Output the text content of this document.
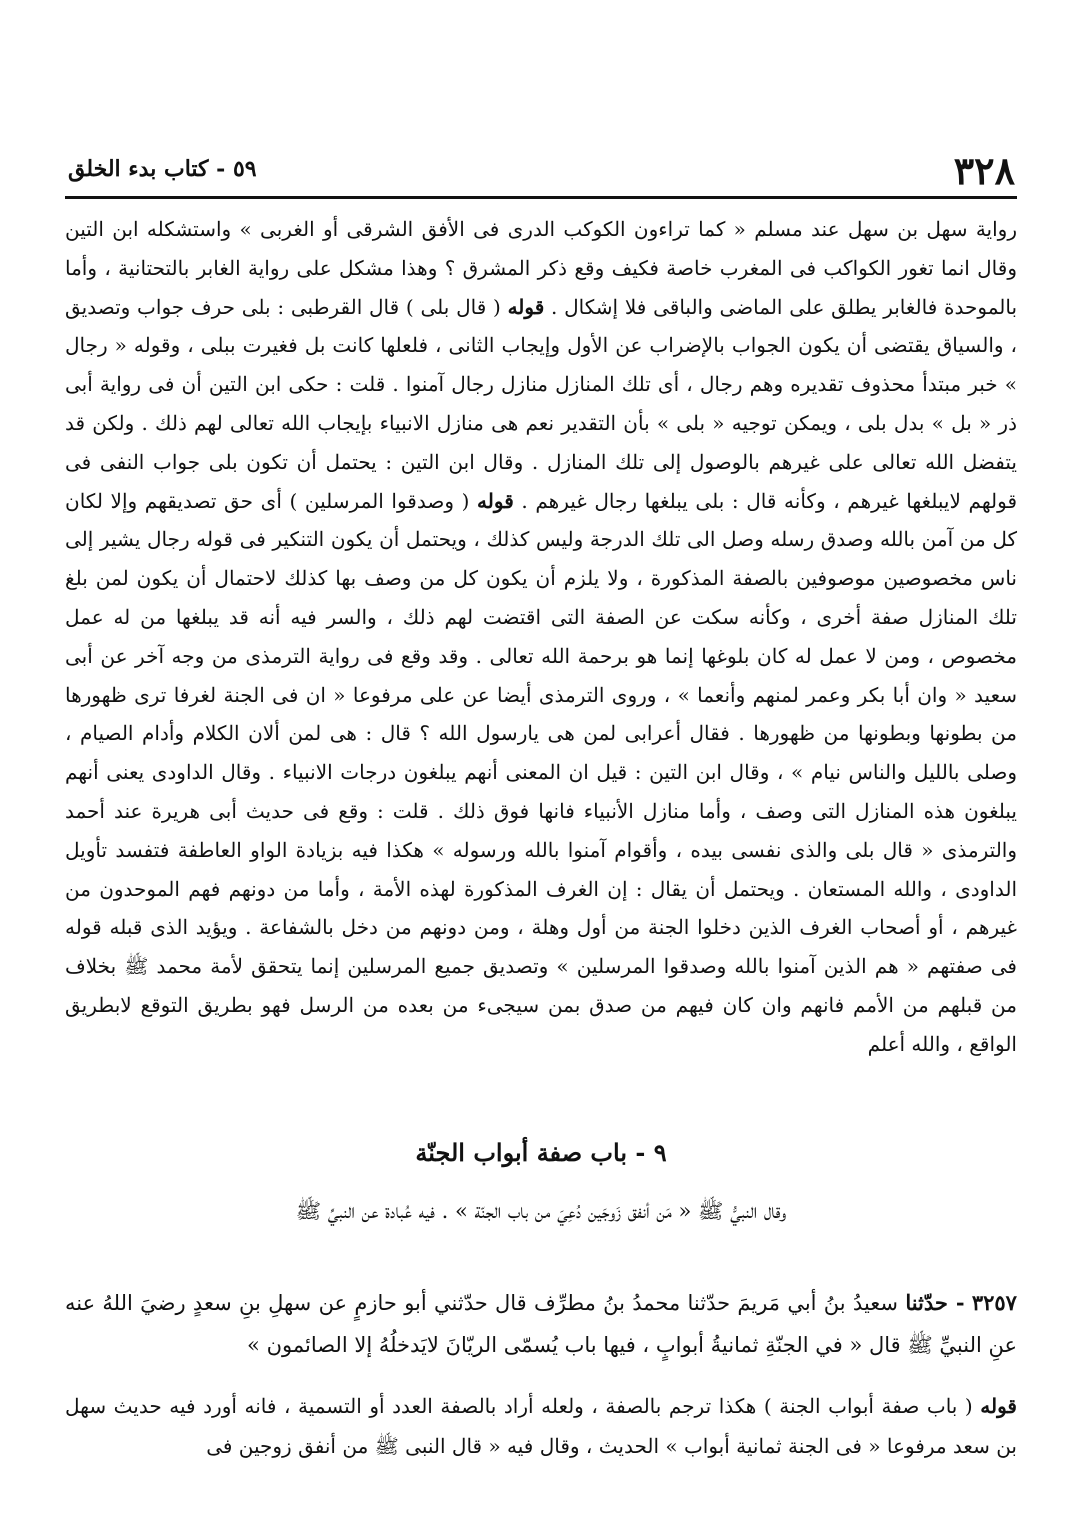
٣٢٨
٥٩ - كتاب بدء الخلق

رواية سهل بن سهل عند مسلم « كما تراءون الكوكب الدرى فى الأفق الشرقى أو الغربى » واستشكله ابن التين وقال انما تغور الكواكب فى المغرب خاصة فكيف وقع ذكر المشرق ؟ وهذا مشكل على رواية الغابر بالتحتانية ، وأما بالموحدة فالغابر يطلق على الماضى والباقى فلا إشكال . قوله ( قال بلى ) قال القرطبى : بلى حرف جواب وتصديق ، والسياق يقتضى أن يكون الجواب بالإضراب عن الأول وإيجاب الثانى ، فلعلها كانت بل فغيرت ببلى ، وقوله « رجال » خبر مبتدأ محذوف تقديره وهم رجال ، أى تلك المنازل منازل رجال آمنوا . قلت : حكى ابن التين أن فى رواية أبى ذر « بل » بدل بلى ، ويمكن توجيه « بلى » بأن التقدير نعم هى منازل الانبياء بإيجاب الله تعالى لهم ذلك . ولكن قد يتفضل الله تعالى على غيرهم بالوصول إلى تلك المنازل . وقال ابن التين : يحتمل أن تكون بلى جواب النفى فى قولهم لايبلغها غيرهم ، وكأنه قال : بلى يبلغها رجال غيرهم . قوله ( وصدقوا المرسلين ) أى حق تصديقهم وإلا لكان كل من آمن بالله وصدق رسله وصل الى تلك الدرجة وليس كذلك ، ويحتمل أن يكون التنكير فى قوله رجال يشير إلى ناس مخصوصين موصوفين بالصفة المذكورة ، ولا يلزم أن يكون كل من وصف بها كذلك لاحتمال أن يكون لمن بلغ تلك المنازل صفة أخرى ، وكأنه سكت عن الصفة التى اقتضت لهم ذلك ، والسر فيه أنه قد يبلغها من له عمل مخصوص ، ومن لا عمل له كان بلوغها إنما هو برحمة الله تعالى . وقد وقع فى رواية الترمذى من وجه آخر عن أبى سعيد « وان أبا بكر وعمر لمنهم وأنعما » ، وروى الترمذى أيضا عن على مرفوعا « ان فى الجنة لغرفا ترى ظهورها من بطونها وبطونها من ظهورها . فقال أعرابى لمن هى يارسول الله ؟ قال : هى لمن ألان الكلام وأدام الصيام ، وصلى بالليل والناس نيام » ، وقال ابن التين : قيل ان المعنى أنهم يبلغون درجات الانبياء . وقال الداودى يعنى أنهم يبلغون هذه المنازل التى وصف ، وأما منازل الأنبياء فانها فوق ذلك . قلت : وقع فى حديث أبى هريرة عند أحمد والترمذى « قال بلى والذى نفسى بيده ، وأقوام آمنوا بالله ورسوله » هكذا فيه بزيادة الواو العاطفة فتفسد تأويل الداودى ، والله المستعان . ويحتمل أن يقال : إن الغرف المذكورة لهذه الأمة ، وأما من دونهم فهم الموحدون من غيرهم ، أو أصحاب الغرف الذين دخلوا الجنة من أول وهلة ، ومن دونهم من دخل بالشفاعة . ويؤيد الذى قبله قوله فى صفتهم « هم الذين آمنوا بالله وصدقوا المرسلين » وتصديق جميع المرسلين إنما يتحقق لأمة محمد ﷺ بخلاف من قبلهم من الأمم فانهم وان كان فيهم من صدق بمن سيجىء من بعده من الرسل فهو بطريق التوقع لابطريق الواقع ، والله أعلم

٩ - باب صفة أبواب الجنّة
وقال النبيُّ ﷺ « مَن أنفق زَوجَين دُعِيَ من باب الجنّة » . فيه عُبادة عن النبيِّ ﷺ
٣٢٥٧ - حدّثنا سعيدُ بنُ أبي مَريمَ حدّثنا محمدُ بنُ مطرِّف قال حدّثني أبو حازمٍ عن سهلِ بنِ سعدٍ رضيَ اللهُ عنه عنِ النبيِّ ﷺ قال « في الجنّةِ ثمانيةُ أبوابٍ ، فيها باب يُسمّى الريّانَ لايَدخلُهُ إلا الصائمون »
قوله ( باب صفة أبواب الجنة ) هكذا ترجم بالصفة ، ولعله أراد بالصفة العدد أو التسمية ، فانه أورد فيه حديث سهل بن سعد مرفوعا « فى الجنة ثمانية أبواب » الحديث ، وقال فيه « قال النبى ﷺ من أنفق زوجين فى
